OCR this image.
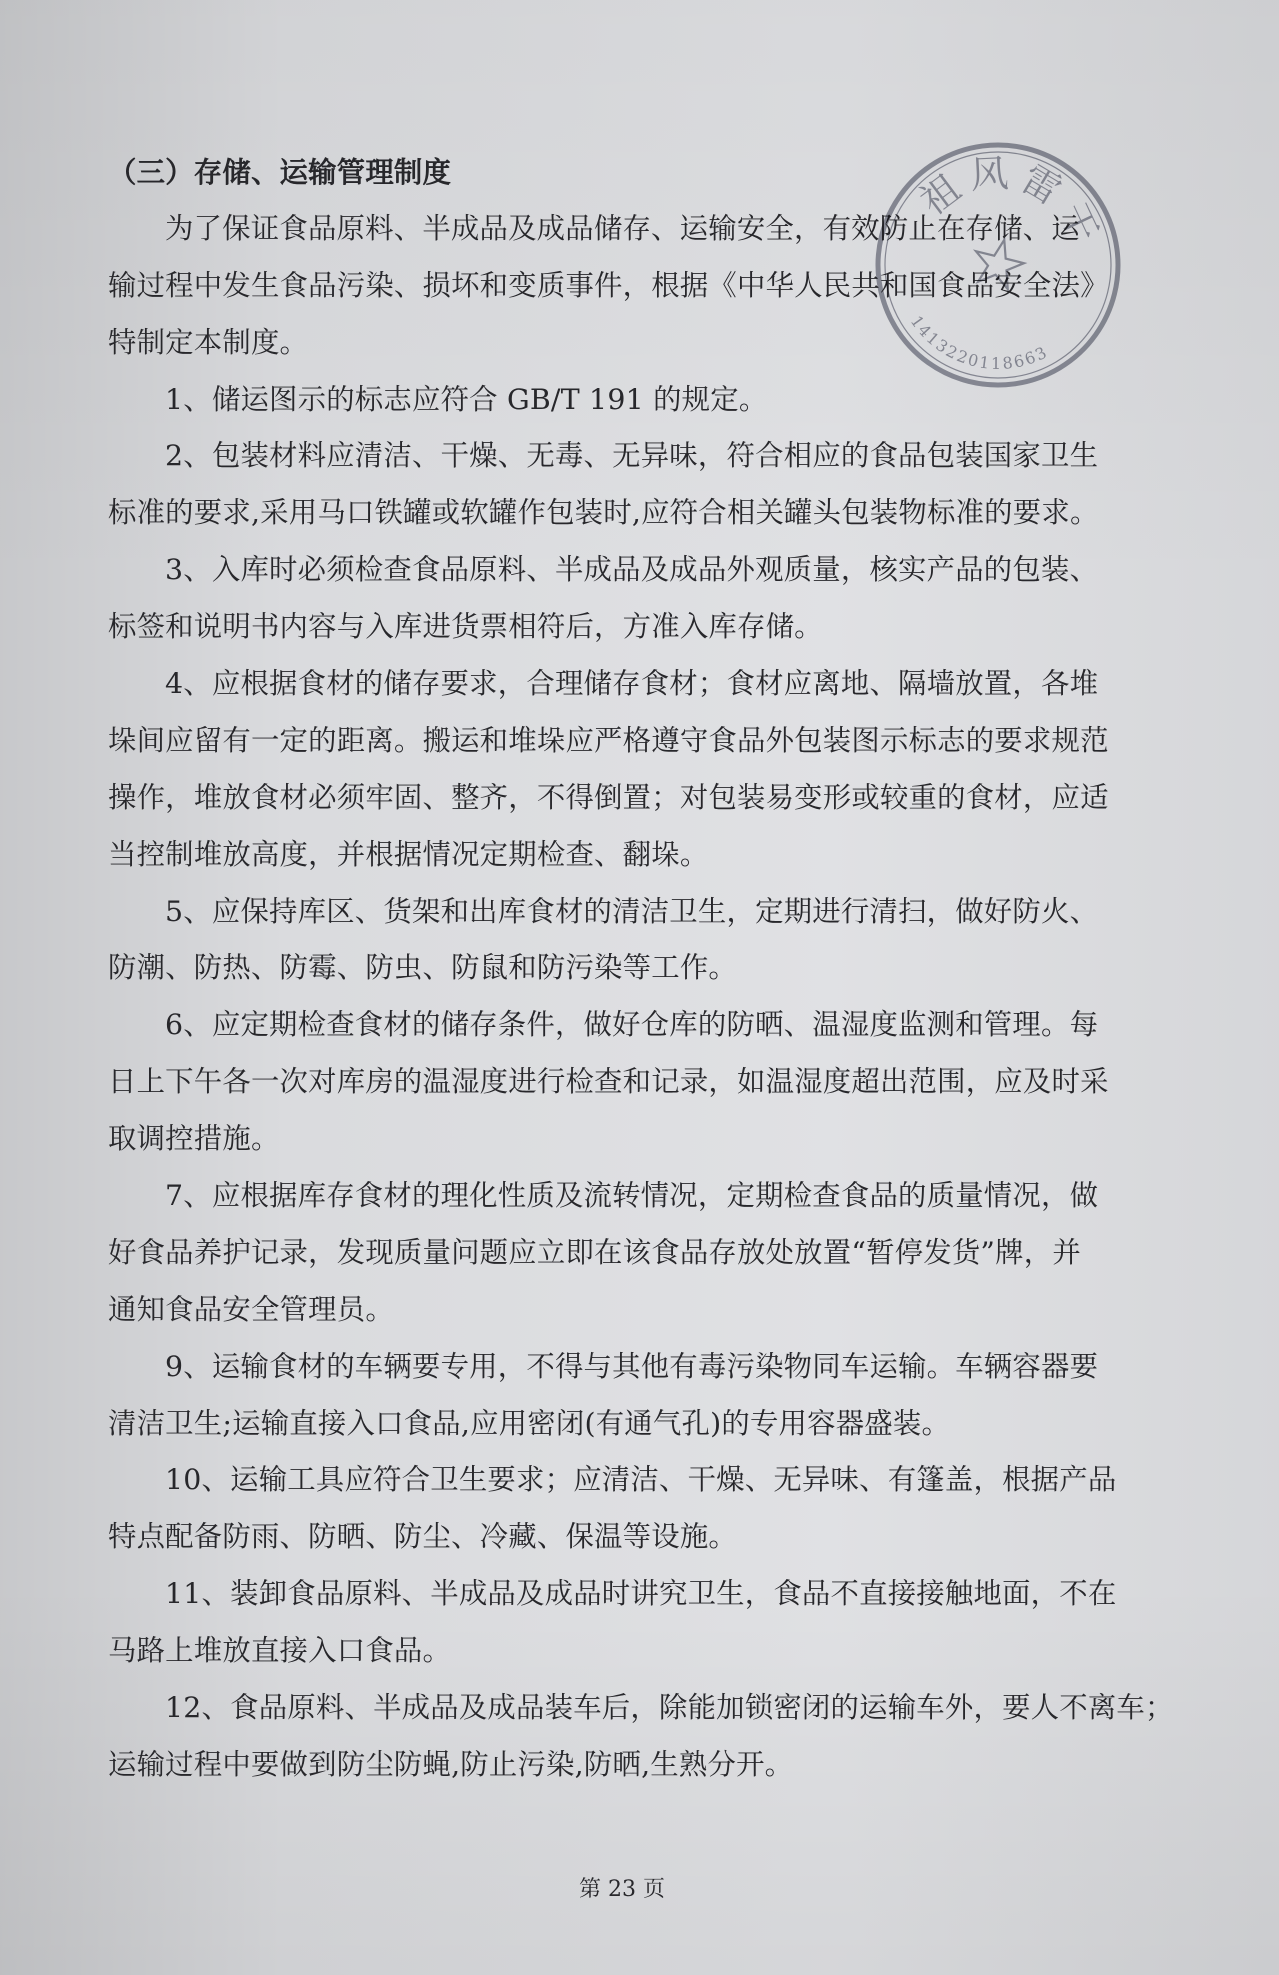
（三）存储、运输管理制度
为了保证食品原料、半成品及成品储存、运输安全，有效防止在存储、运
输过程中发生食品污染、损坏和变质事件，根据《中华人民共和国食品安全法》
特制定本制度。
1、储运图示的标志应符合 GB/T 191 的规定。
2、包装材料应清洁、干燥、无毒、无异味，符合相应的食品包装国家卫生
标准的要求,采用马口铁罐或软罐作包装时,应符合相关罐头包装物标准的要求。
3、入库时必须检查食品原料、半成品及成品外观质量，核实产品的包装、
标签和说明书内容与入库进货票相符后，方准入库存储。
4、应根据食材的储存要求，合理储存食材；食材应离地、隔墙放置，各堆
垛间应留有一定的距离。搬运和堆垛应严格遵守食品外包装图示标志的要求规范
操作，堆放食材必须牢固、整齐，不得倒置；对包装易变形或较重的食材，应适
当控制堆放高度，并根据情况定期检查、翻垛。
5、应保持库区、货架和出库食材的清洁卫生，定期进行清扫，做好防火、
防潮、防热、防霉、防虫、防鼠和防污染等工作。
6、应定期检查食材的储存条件，做好仓库的防晒、温湿度监测和管理。每
日上下午各一次对库房的温湿度进行检查和记录，如温湿度超出范围，应及时采
取调控措施。
7、应根据库存食材的理化性质及流转情况，定期检查食品的质量情况，做
好食品养护记录，发现质量问题应立即在该食品存放处放置“暂停发货”牌，并
通知食品安全管理员。
9、运输食材的车辆要专用，不得与其他有毒污染物同车运输。车辆容器要
清洁卫生;运输直接入口食品,应用密闭(有通气孔)的专用容器盛装。
10、运输工具应符合卫生要求；应清洁、干燥、无异味、有篷盖，根据产品
特点配备防雨、防晒、防尘、冷藏、保温等设施。
11、装卸食品原料、半成品及成品时讲究卫生，食品不直接接触地面，不在
马路上堆放直接入口食品。
12、食品原料、半成品及成品装车后，除能加锁密闭的运输车外，要人不离车；
运输过程中要做到防尘防蝇,防止污染,防晒,生熟分开。
祖风雷干
1413220118663
第 23 页
